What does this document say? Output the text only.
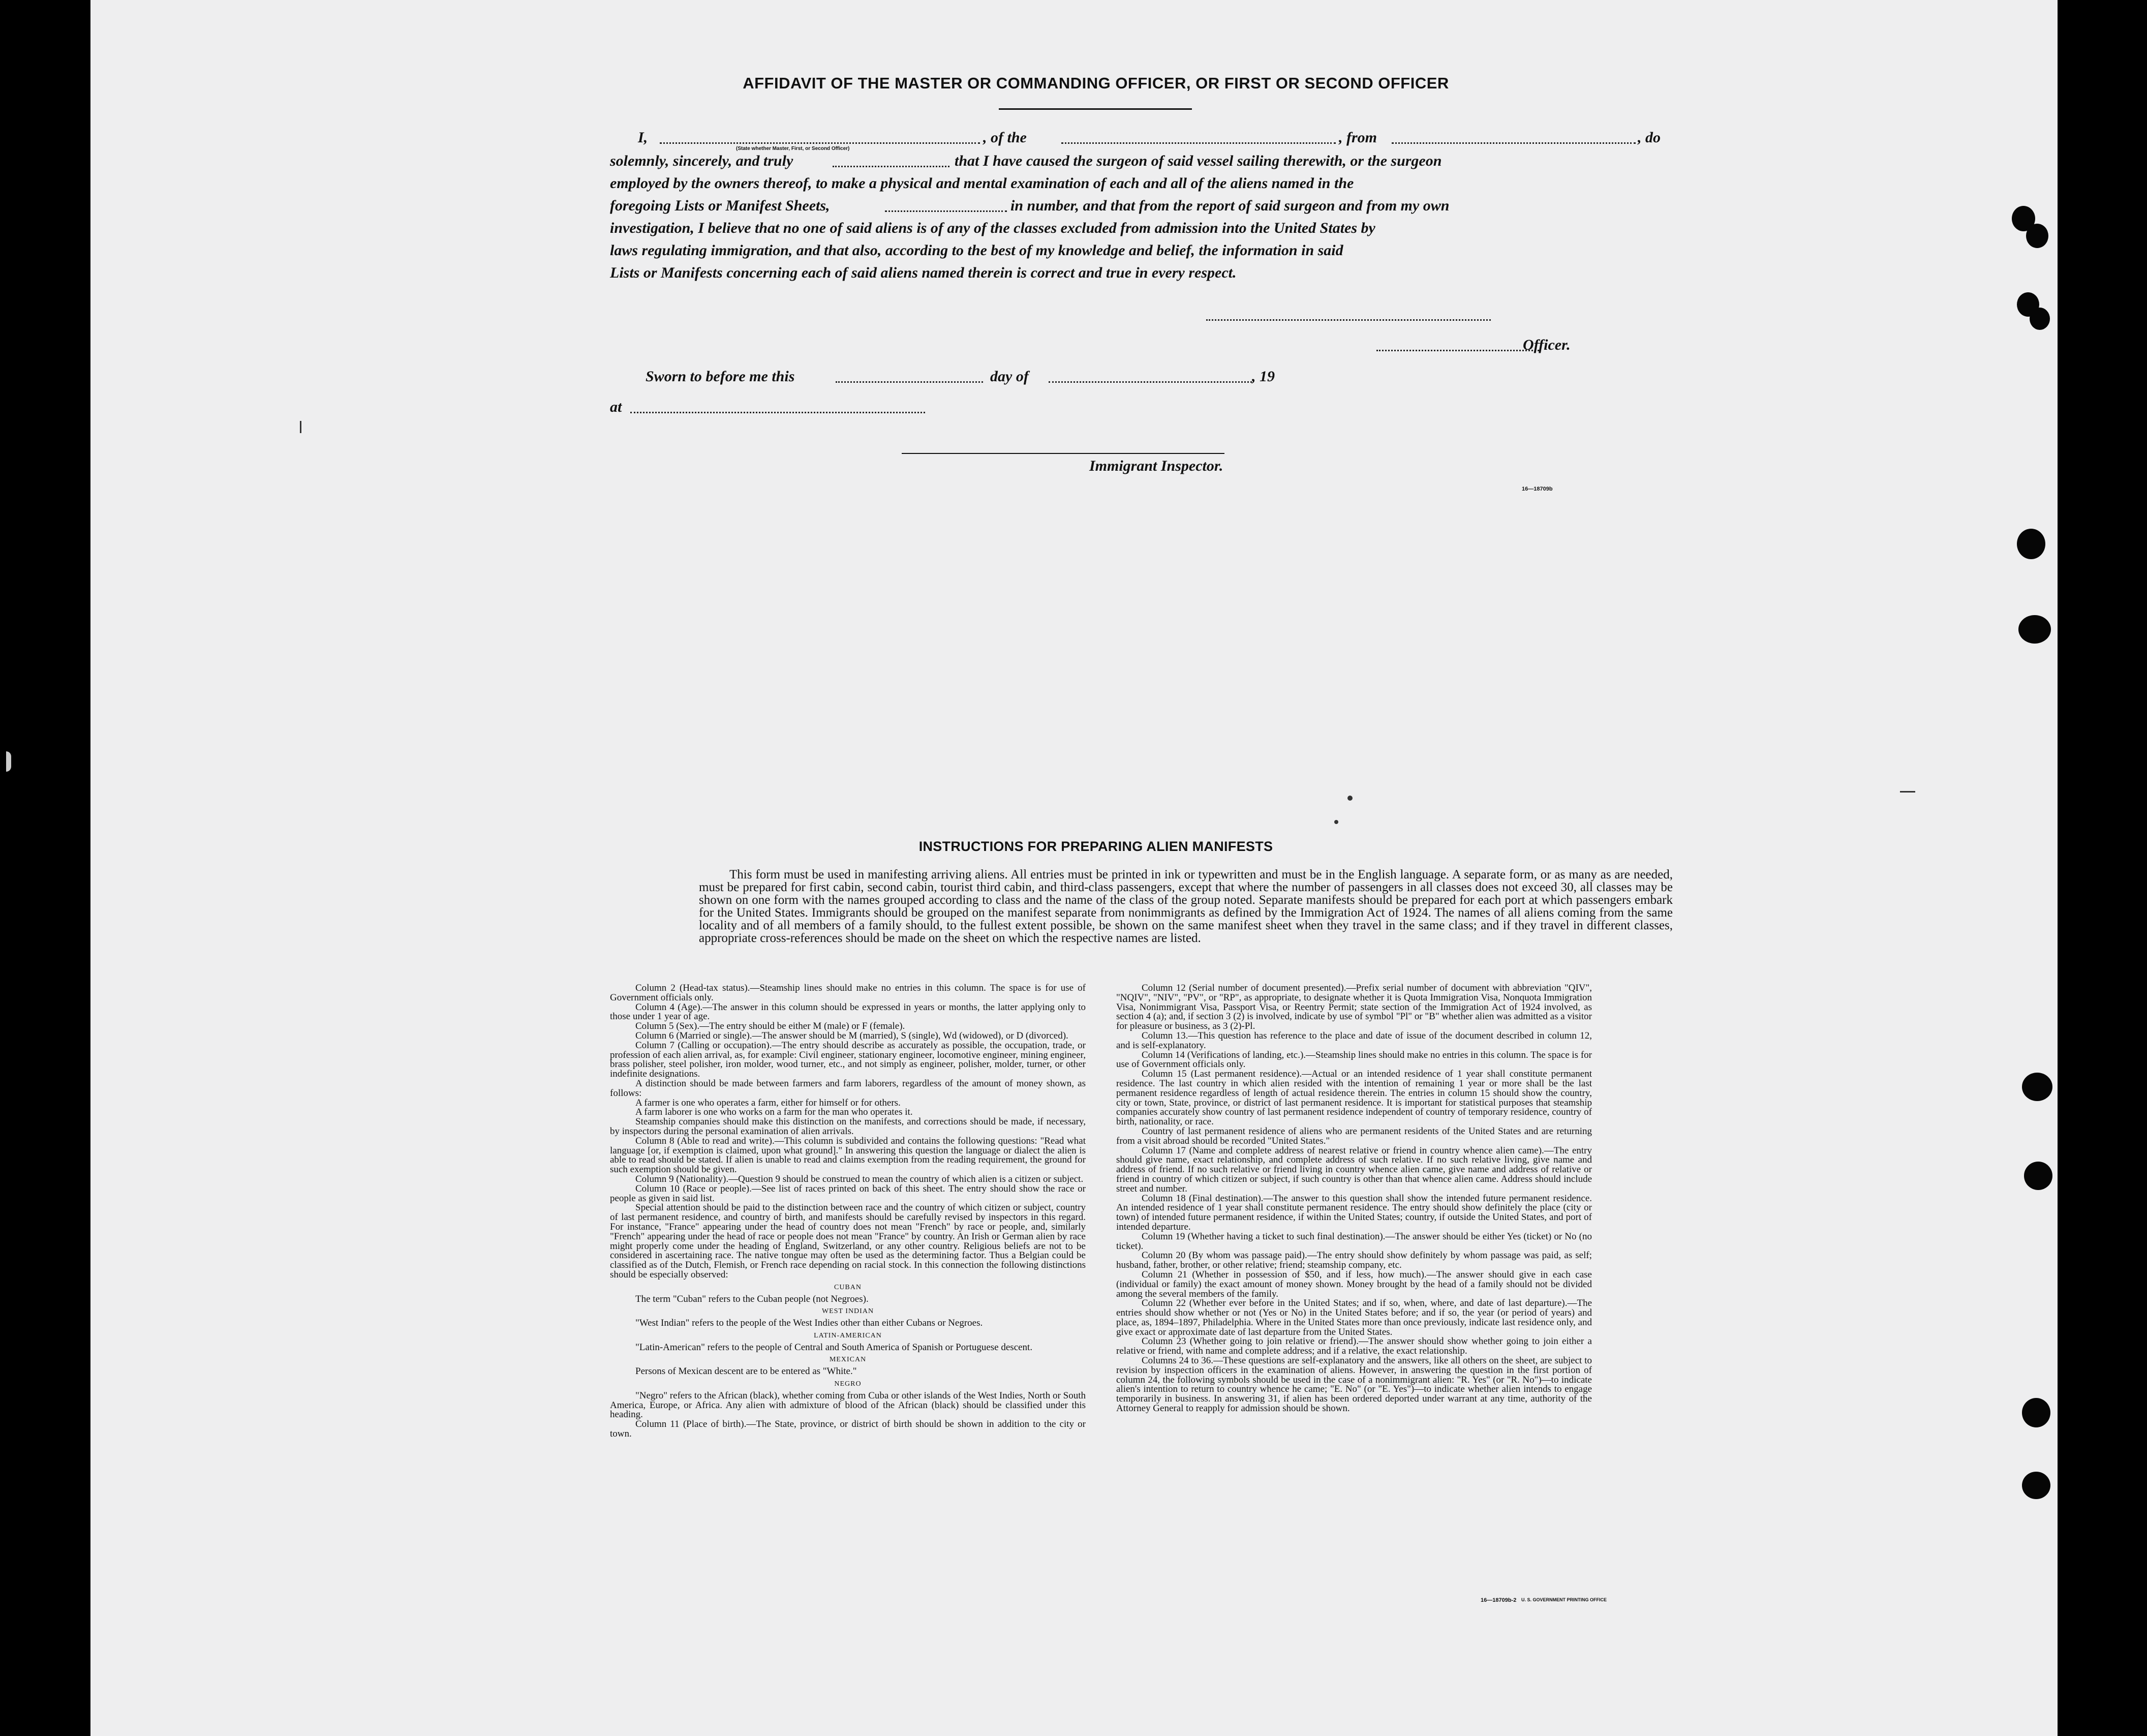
AFFIDAVIT OF THE MASTER OR COMMANDING OFFICER, OR FIRST OR SECOND OFFICER
I,
(State whether Master, First, or Second Officer)
, of the	, from	, do
solemnly, sincerely, and truly	that I have caused the surgeon of said vessel sailing therewith, or the surgeon
employed by the owners thereof, to make a physical and mental examination of each and all of the aliens named in the
foregoing Lists or Manifest Sheets,	in number, and that from the report of said surgeon and from my own
investigation, I believe that no one of said aliens is of any of the classes excluded from admission into the United States by
laws regulating immigration, and that also, according to the best of my knowledge and belief, the information in said
Lists or Manifests concerning each of said aliens named therein is correct and true in every respect.
Officer.
Sworn to before me this	day of	, 19
at
Immigrant Inspector.
16—18709b
INSTRUCTIONS FOR PREPARING ALIEN MANIFESTS
This form must be used in manifesting arriving aliens. All entries must be printed in ink or typewritten and must be in the English language. A separate form, or as many as are needed, must be prepared for first cabin, second cabin, tourist third cabin, and third-class passengers, except that where the number of passengers in all classes does not exceed 30, all classes may be shown on one form with the names grouped according to class and the name of the class of the group noted. Separate manifests should be prepared for each port at which passengers embark for the United States. Immigrants should be grouped on the manifest separate from nonimmigrants as defined by the Immigration Act of 1924. The names of all aliens coming from the same locality and of all members of a family should, to the fullest extent possible, be shown on the same manifest sheet when they travel in the same class; and if they travel in different classes, appropriate cross-references should be made on the sheet on which the respective names are listed.

Column 2 (Head-tax status).—Steamship lines should make no entries in this column. The space is for use of Government officials only.

Column 4 (Age).—The answer in this column should be expressed in years or months, the latter applying only to those under 1 year of age.

Column 5 (Sex).—The entry should be either M (male) or F (female).

Column 6 (Married or single).—The answer should be M (married), S (single), Wd (widowed), or D (divorced).

Column 7 (Calling or occupation).—The entry should describe as accurately as possible, the occupation, trade, or profession of each alien arrival, as, for example: Civil engineer, stationary engineer, locomotive engineer, mining engineer, brass polisher, steel polisher, iron molder, wood turner, etc., and not simply as engineer, polisher, molder, turner, or other indefinite designations.

A distinction should be made between farmers and farm laborers, regardless of the amount of money shown, as follows:

A farmer is one who operates a farm, either for himself or for others.

A farm laborer is one who works on a farm for the man who operates it.

Steamship companies should make this distinction on the manifests, and corrections should be made, if necessary, by inspectors during the personal examination of alien arrivals.

Column 8 (Able to read and write).—This column is subdivided and contains the following questions: "Read what language [or, if exemption is claimed, upon what ground]." In answering this question the language or dialect the alien is able to read should be stated. If alien is unable to read and claims exemption from the reading requirement, the ground for such exemption should be given.

Column 9 (Nationality).—Question 9 should be construed to mean the country of which alien is a citizen or subject.

Column 10 (Race or people).—See list of races printed on back of this sheet. The entry should show the race or people as given in said list.

Special attention should be paid to the distinction between race and the country of which citizen or subject, country of last permanent residence, and country of birth, and manifests should be carefully revised by inspectors in this regard. For instance, "France" appearing under the head of country does not mean "French" by race or people, and, similarly "French" appearing under the head of race or people does not mean "France" by country. An Irish or German alien by race might properly come under the heading of England, Switzerland, or any other country. Religious beliefs are not to be considered in ascertaining race. The native tongue may often be used as the determining factor. Thus a Belgian could be classified as of the Dutch, Flemish, or French race depending on racial stock. In this connection the following distinctions should be especially observed:

CUBAN

The term "Cuban" refers to the Cuban people (not Negroes).

WEST INDIAN

"West Indian" refers to the people of the West Indies other than either Cubans or Negroes.

LATIN-AMERICAN

"Latin-American" refers to the people of Central and South America of Spanish or Portuguese descent.

MEXICAN

Persons of Mexican descent are to be entered as "White."

NEGRO

"Negro" refers to the African (black), whether coming from Cuba or other islands of the West Indies, North or South America, Europe, or Africa. Any alien with admixture of blood of the African (black) should be classified under this heading.

Column 11 (Place of birth).—The State, province, or district of birth should be shown in addition to the city or town.

Column 12 (Serial number of document presented).—Prefix serial number of document with abbreviation "QIV", "NQIV", "NIV", "PV", or "RP", as appropriate, to designate whether it is Quota Immigration Visa, Nonquota Immigration Visa, Nonimmigrant Visa, Passport Visa, or Reentry Permit; state section of the Immigration Act of 1924 involved, as section 4 (a); and, if section 3 (2) is involved, indicate by use of symbol "Pl" or "B" whether alien was admitted as a visitor for pleasure or business, as 3 (2)-Pl.

Column 13.—This question has reference to the place and date of issue of the document described in column 12, and is self-explanatory.

Column 14 (Verifications of landing, etc.).—Steamship lines should make no entries in this column. The space is for use of Government officials only.

Column 15 (Last permanent residence).—Actual or an intended residence of 1 year shall constitute permanent residence. The last country in which alien resided with the intention of remaining 1 year or more shall be the last permanent residence regardless of length of actual residence therein. The entries in column 15 should show the country, city or town, State, province, or district of last permanent residence. It is important for statistical purposes that steamship companies accurately show country of last permanent residence independent of country of temporary residence, country of birth, nationality, or race.

Country of last permanent residence of aliens who are permanent residents of the United States and are returning from a visit abroad should be recorded "United States."

Column 17 (Name and complete address of nearest relative or friend in country whence alien came).—The entry should give name, exact relationship, and complete address of such relative. If no such relative living, give name and address of friend. If no such relative or friend living in country whence alien came, give name and address of relative or friend in country of which citizen or subject, if such country is other than that whence alien came. Address should include street and number.

Column 18 (Final destination).—The answer to this question shall show the intended future permanent residence. An intended residence of 1 year shall constitute permanent residence. The entry should show definitely the place (city or town) of intended future permanent residence, if within the United States; country, if outside the United States, and port of intended departure.

Column 19 (Whether having a ticket to such final destination).—The answer should be either Yes (ticket) or No (no ticket).

Column 20 (By whom was passage paid).—The entry should show definitely by whom passage was paid, as self; husband, father, brother, or other relative; friend; steamship company, etc.

Column 21 (Whether in possession of $50, and if less, how much).—The answer should give in each case (individual or family) the exact amount of money shown. Money brought by the head of a family should not be divided among the several members of the family.

Column 22 (Whether ever before in the United States; and if so, when, where, and date of last departure).—The entries should show whether or not (Yes or No) in the United States before; and if so, the year (or period of years) and place, as, 1894–1897, Philadelphia. Where in the United States more than once previously, indicate last residence only, and give exact or approximate date of last departure from the United States.

Column 23 (Whether going to join relative or friend).—The answer should show whether going to join either a relative or friend, with name and complete address; and if a relative, the exact relationship.

Columns 24 to 36.—These questions are self-explanatory and the answers, like all others on the sheet, are subject to revision by inspection officers in the examination of aliens. However, in answering the question in the first portion of column 24, the following symbols should be used in the case of a nonimmigrant alien: "R. Yes" (or "R. No")—to indicate alien's intention to return to country whence he came; "E. No" (or "E. Yes")—to indicate whether alien intends to engage temporarily in business. In answering 31, if alien has been ordered deported under warrant at any time, authority of the Attorney General to reapply for admission should be shown.

16—18709b-2 U. S. GOVERNMENT PRINTING OFFICE
